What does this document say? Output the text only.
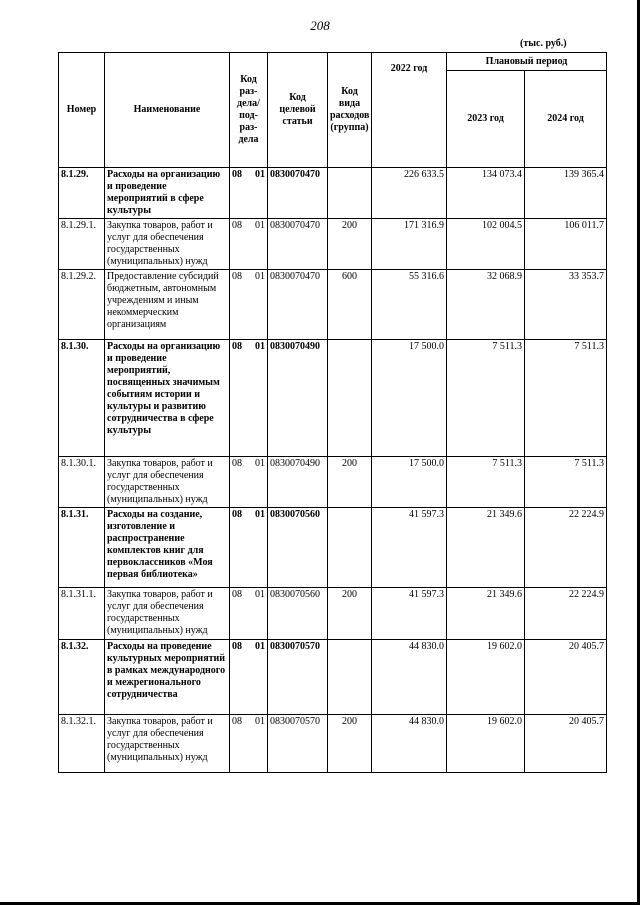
208
(тыс. руб.)
Номер	Наименование	Код раз-дела/ под-раз-дела	Код целевой статьи	Код вида расходов (группа)	2022 год	Плановый период	
						2023 год	2024 год
8.1.29.	Расходы на организацию и проведение мероприятий в сфере культуры	08 01	0830070470		226 633.5	134 073.4	139 365.4
8.1.29.1.	Закупка товаров, работ и услуг для обеспечения государственных (муниципальных) нужд	08 01	0830070470	200	171 316.9	102 004.5	106 011.7
8.1.29.2.	Предоставление субсидий бюджетным, автономным учреждениям и иным некоммерческим организациям	08 01	0830070470	600	55 316.6	32 068.9	33 353.7
8.1.30.	Расходы на организацию и проведение мероприятий, посвященных значимым событиям истории и культуры и развитию сотрудничества в сфере культуры	08 01	0830070490		17 500.0	7 511.3	7 511.3
8.1.30.1.	Закупка товаров, работ и услуг для обеспечения государственных (муниципальных) нужд	08 01	0830070490	200	17 500.0	7 511.3	7 511.3
8.1.31.	Расходы на создание, изготовление и распространение комплектов книг для первоклассников «Моя первая библиотека»	08 01	0830070560		41 597.3	21 349.6	22 224.9
8.1.31.1.	Закупка товаров, работ и услуг для обеспечения государственных (муниципальных) нужд	08 01	0830070560	200	41 597.3	21 349.6	22 224.9
8.1.32.	Расходы на проведение культурных мероприятий в рамках международного и межрегионального сотрудничества	08 01	0830070570		44 830.0	19 602.0	20 405.7
8.1.32.1.	Закупка товаров, работ и услуг для обеспечения государственных (муниципальных) нужд	08 01	0830070570	200	44 830.0	19 602.0	20 405.7
